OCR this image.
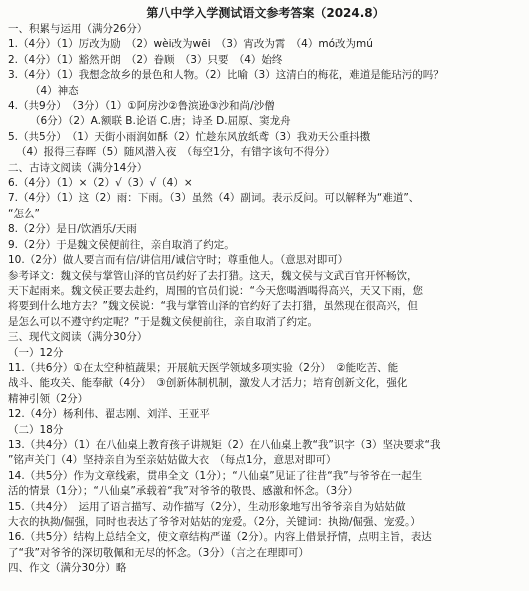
第八中学入学测试语文参考答案（2024.8）
一、积累与运用（满分26分）
1.（4分）（1）厉改为励　（2）wèi改为wēi　（3）宵改为霄　（4）mó改为mú
2.（4分）（1）豁然开朗　（2）眷顾　（3）只要　（4）始终
3.（4分）（1）我想念故乡的景色和人物。（2）比喻（3）这清白的梅花，难道是能玷污的吗？
（4）神态
4.（共9分）　（3分）（1）①阿房沙②鲁滨逊③沙和尚/沙僧
（6分）（2）A.额联 B.论语 C.唐；诗圣 D.屈原、窦龙舟
5.（共5分）　（1）天街小雨润如酥（2）忙趁东风放纸鸢（3）我劝天公重抖擞
（4）报得三春晖（5）随风潜入夜　（每空1分，有错字该句不得分）
二、古诗文阅读（满分14分）
6.（4分）（1）×（2）√（3）√（4）×
7.（4分）（1）这（2）雨：下雨。（3）虽然（4）副词。表示反问。可以解释为“难道”、
“怎么”
8.（2分）是日/饮酒乐/天雨
9.（2分）于是魏文侯便前往，亲自取消了约定。
10.（2分）做人要言而有信/讲信用/诚信守时；尊重他人。（意思对即可）
参考译文：魏文侯与掌管山泽的官员约好了去打猎。这天，魏文侯与文武百官开怀畅饮，
天下起雨来。魏文侯正要去赴约，周围的官员们说：“今天您喝酒喝得高兴，天又下雨，您
将要到什么地方去？”魏文侯说：“我与掌管山泽的官约好了去打猎，虽然现在很高兴，但
是怎么可以不遵守约定呢？”于是魏文侯便前往，亲自取消了约定。
三、现代文阅读（满分30分）
（一）12分
11.（共6分）①在太空种植蔬果；开展航天医学领域多项实验（2分）　②能吃苦、能
战斗、能攻关、能奉献（4分）　③创新体制机制，激发人才活力；培育创新文化，强化
精神引领（2分）
12.（4分）杨利伟、翟志刚、刘洋、王亚平
（二）18分
13.（共4分）（1）在八仙桌上教育孩子讲规矩（2）在八仙桌上教“我”识字（3）坚决要求“我
”铭声关门（4）坚持亲自为至亲姑姑做大衣　（每点1分，意思对即可）
14.（共5分）作为文章线索，贯串全文（1分）；“八仙桌”见证了往昔“我”与爷爷在一起生
活的情景（1分）；“八仙桌”承载着“我”对爷爷的敬畏、感激和怀念。（3分）
15.（共4分）　运用了语言描写、动作描写（2分），生动形象地写出爷爷亲自为姑姑做
大衣的执拗/倔强，同时也表达了爷爷对姑姑的宠爱。（2分，关键词：执拗/倔强、宠爱。）
16.（共5分）结构上总结全文，使文章结构严谨（2分）。内容上借景抒情，点明主旨，表达
了“我”对爷爷的深切敬佩和无尽的怀念。（3分）（言之在理即可）
四、作文（满分30分）略
